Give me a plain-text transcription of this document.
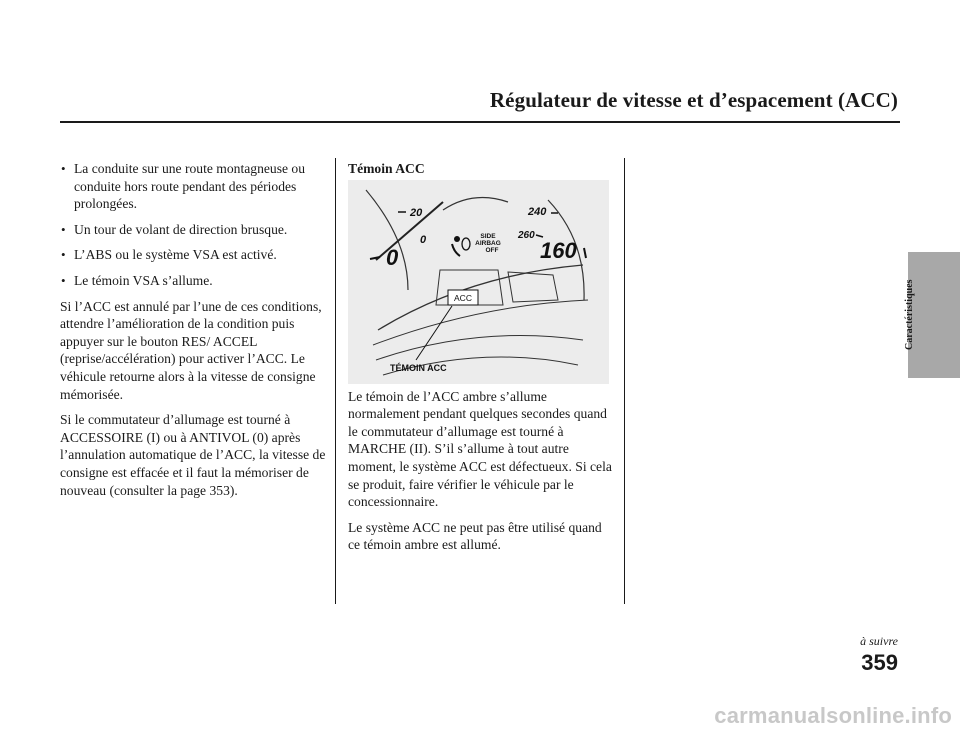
Régulateur de vitesse et d’espacement (ACC)
• La conduite sur une route montagneuse ou conduite hors route pendant des périodes prolongées.
• Un tour de volant de direction brusque.
• L’ABS ou le système VSA est activé.
• Le témoin VSA s’allume.

Si l’ACC est annulé par l’une de ces conditions, attendre l’amélioration de la condition puis appuyer sur le bouton RES/ ACCEL (reprise/accélération) pour activer l’ACC. Le véhicule retourne alors à la vitesse de consigne mémorisée.

Si le commutateur d’allumage est tourné à ACCESSOIRE (I) ou à ANTIVOL (0) après l’annulation automatique de l’ACC, la vitesse de consigne est effacée et il faut la mémoriser de nouveau (consulter la page 353).

Témoin ACC

20	240
0	260
0	160
SIDE
AIRBAG
OFF
ACC
TÉMOIN ACC

Le témoin de l’ACC ambre s’allume normalement pendant quelques secondes quand le commutateur d’allumage est tourné à MARCHE (II). S’il s’allume à tout autre moment, le système ACC est défectueux. Si cela se produit, faire vérifier le véhicule par le concessionnaire.

Le système ACC ne peut pas être utilisé quand ce témoin ambre est allumé.

Caractéristiques
à suivre
359
carmanualsonline.info
